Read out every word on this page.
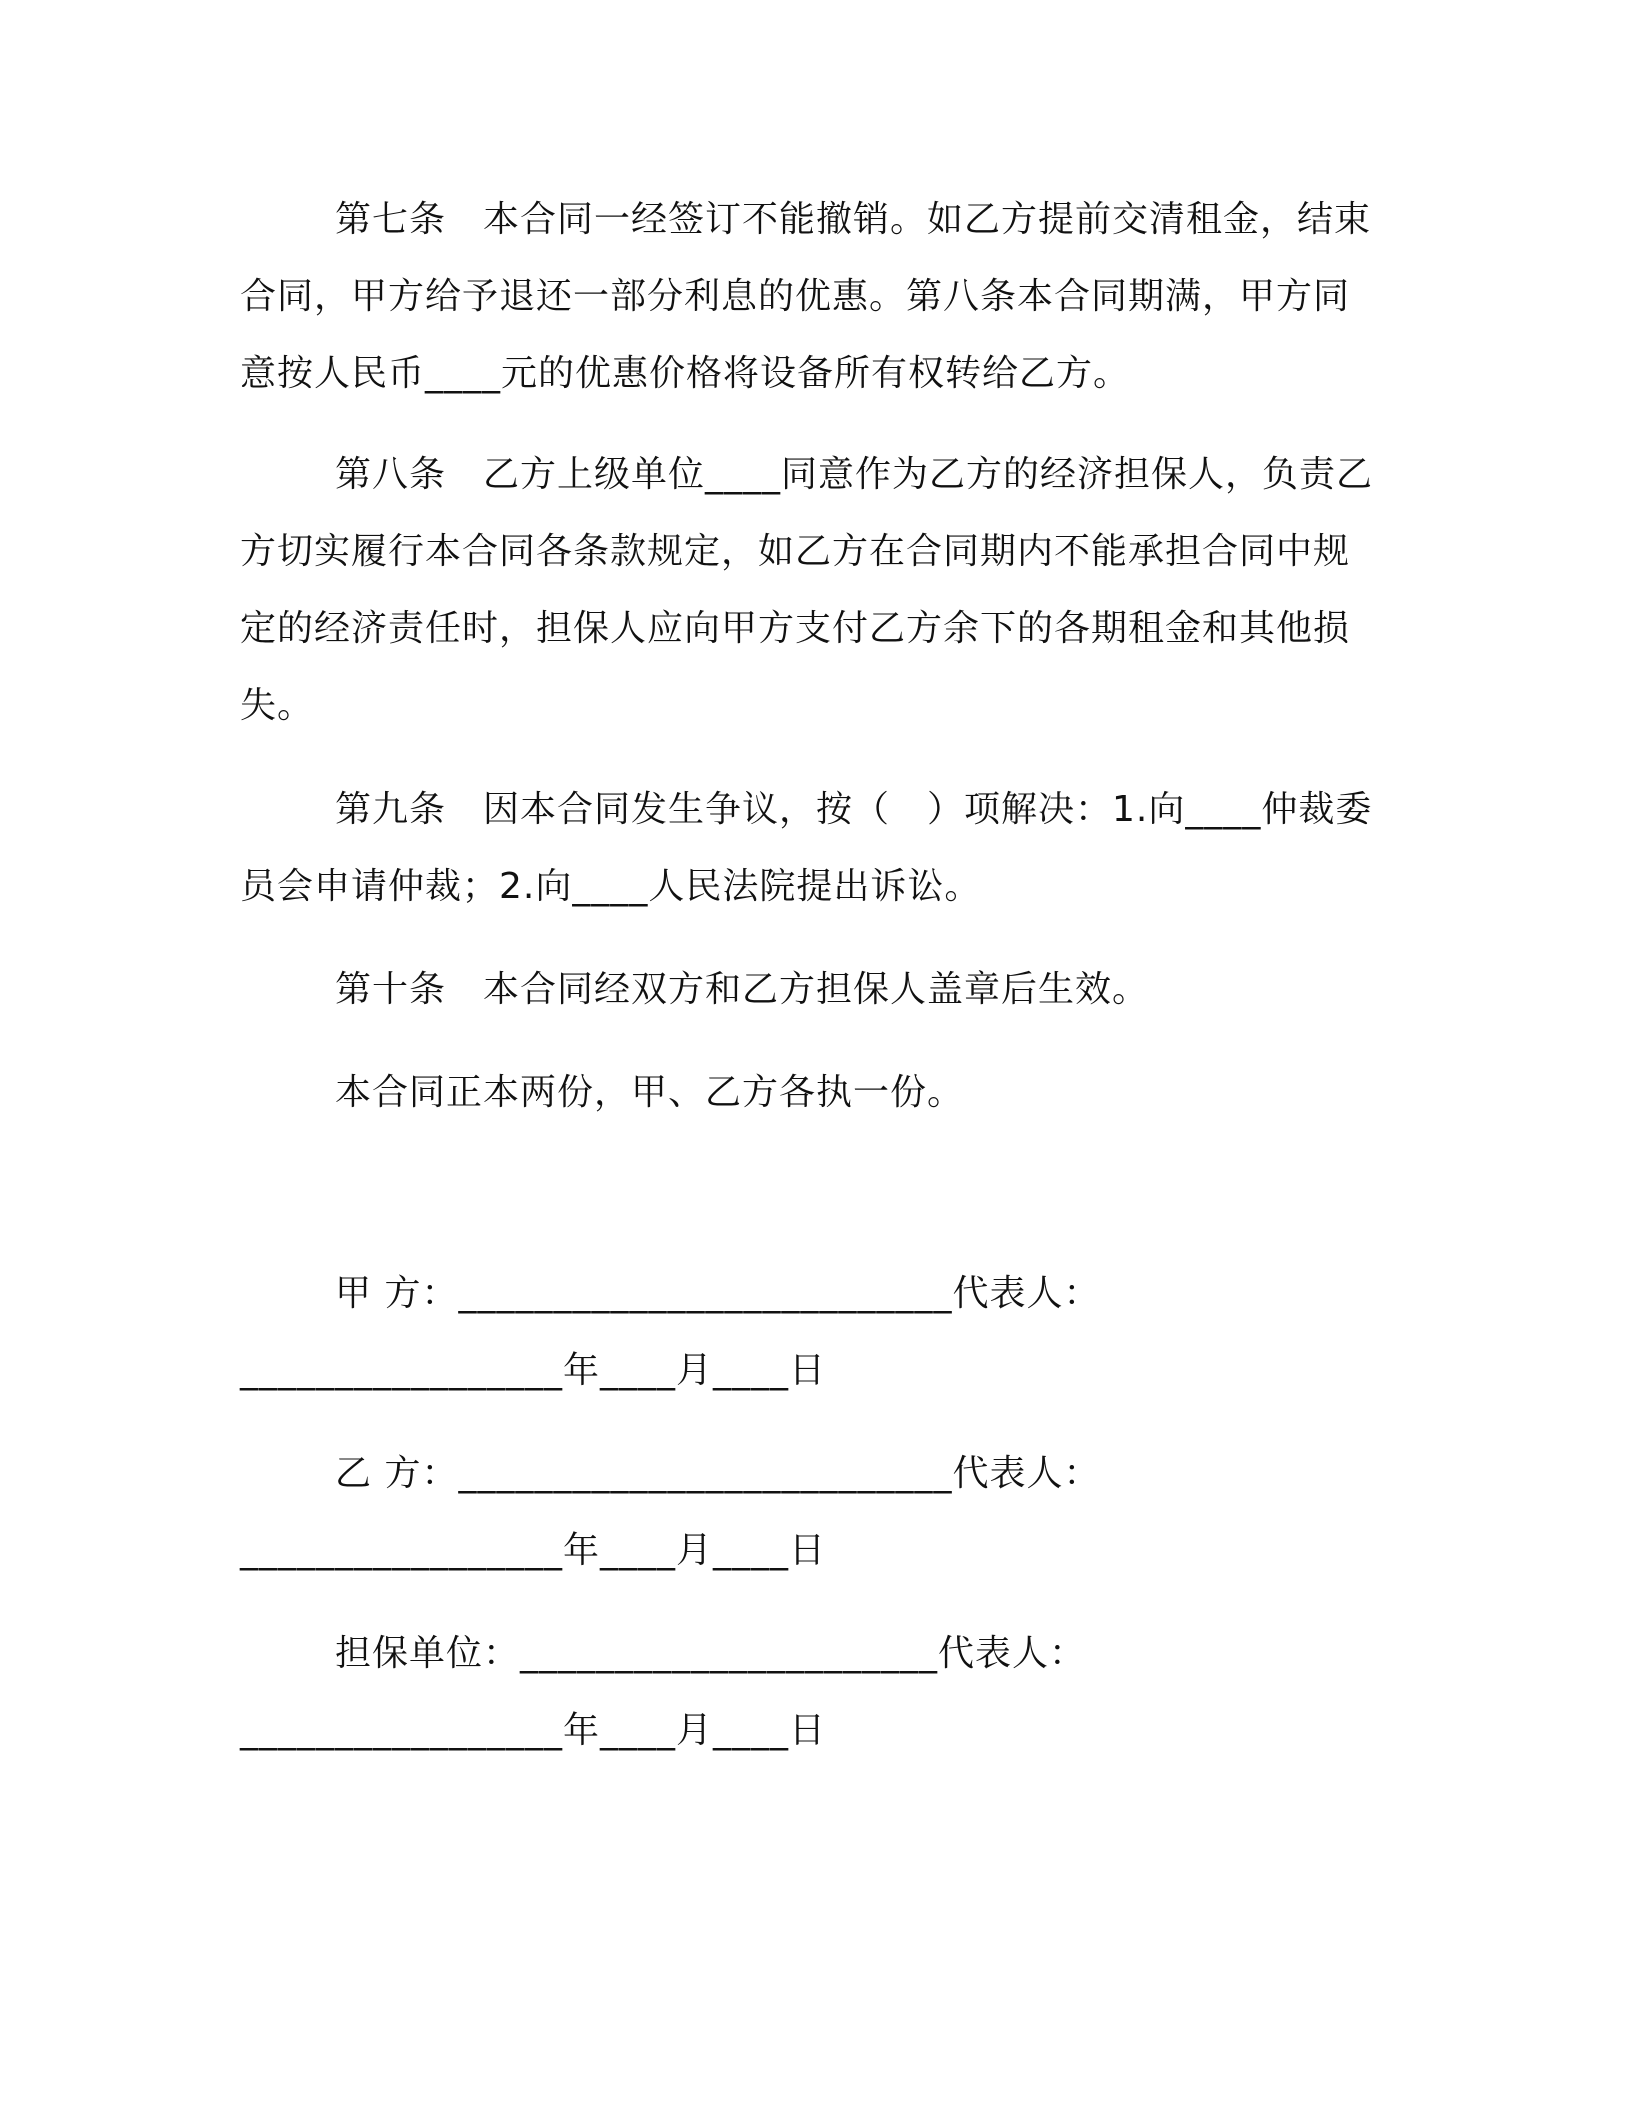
第七条　本合同一经签订不能撤销。如乙方提前交清租金，结束
合同，甲方给予退还一部分利息的优惠。第八条本合同期满，甲方同
意按人民币____元的优惠价格将设备所有权转给乙方。
第八条　乙方上级单位____同意作为乙方的经济担保人，负责乙
方切实履行本合同各条款规定，如乙方在合同期内不能承担合同中规
定的经济责任时，担保人应向甲方支付乙方余下的各期租金和其他损
失。
第九条　因本合同发生争议，按（　）项解决：1.向____仲裁委
员会申请仲裁；2.向____人民法院提出诉讼。
第十条　本合同经双方和乙方担保人盖章后生效。
本合同正本两份，甲、乙方各执一份。
甲 方：__________________________代表人：
_________________年____月____日
乙 方：__________________________代表人：
_________________年____月____日
担保单位：______________________代表人：
_________________年____月____日
